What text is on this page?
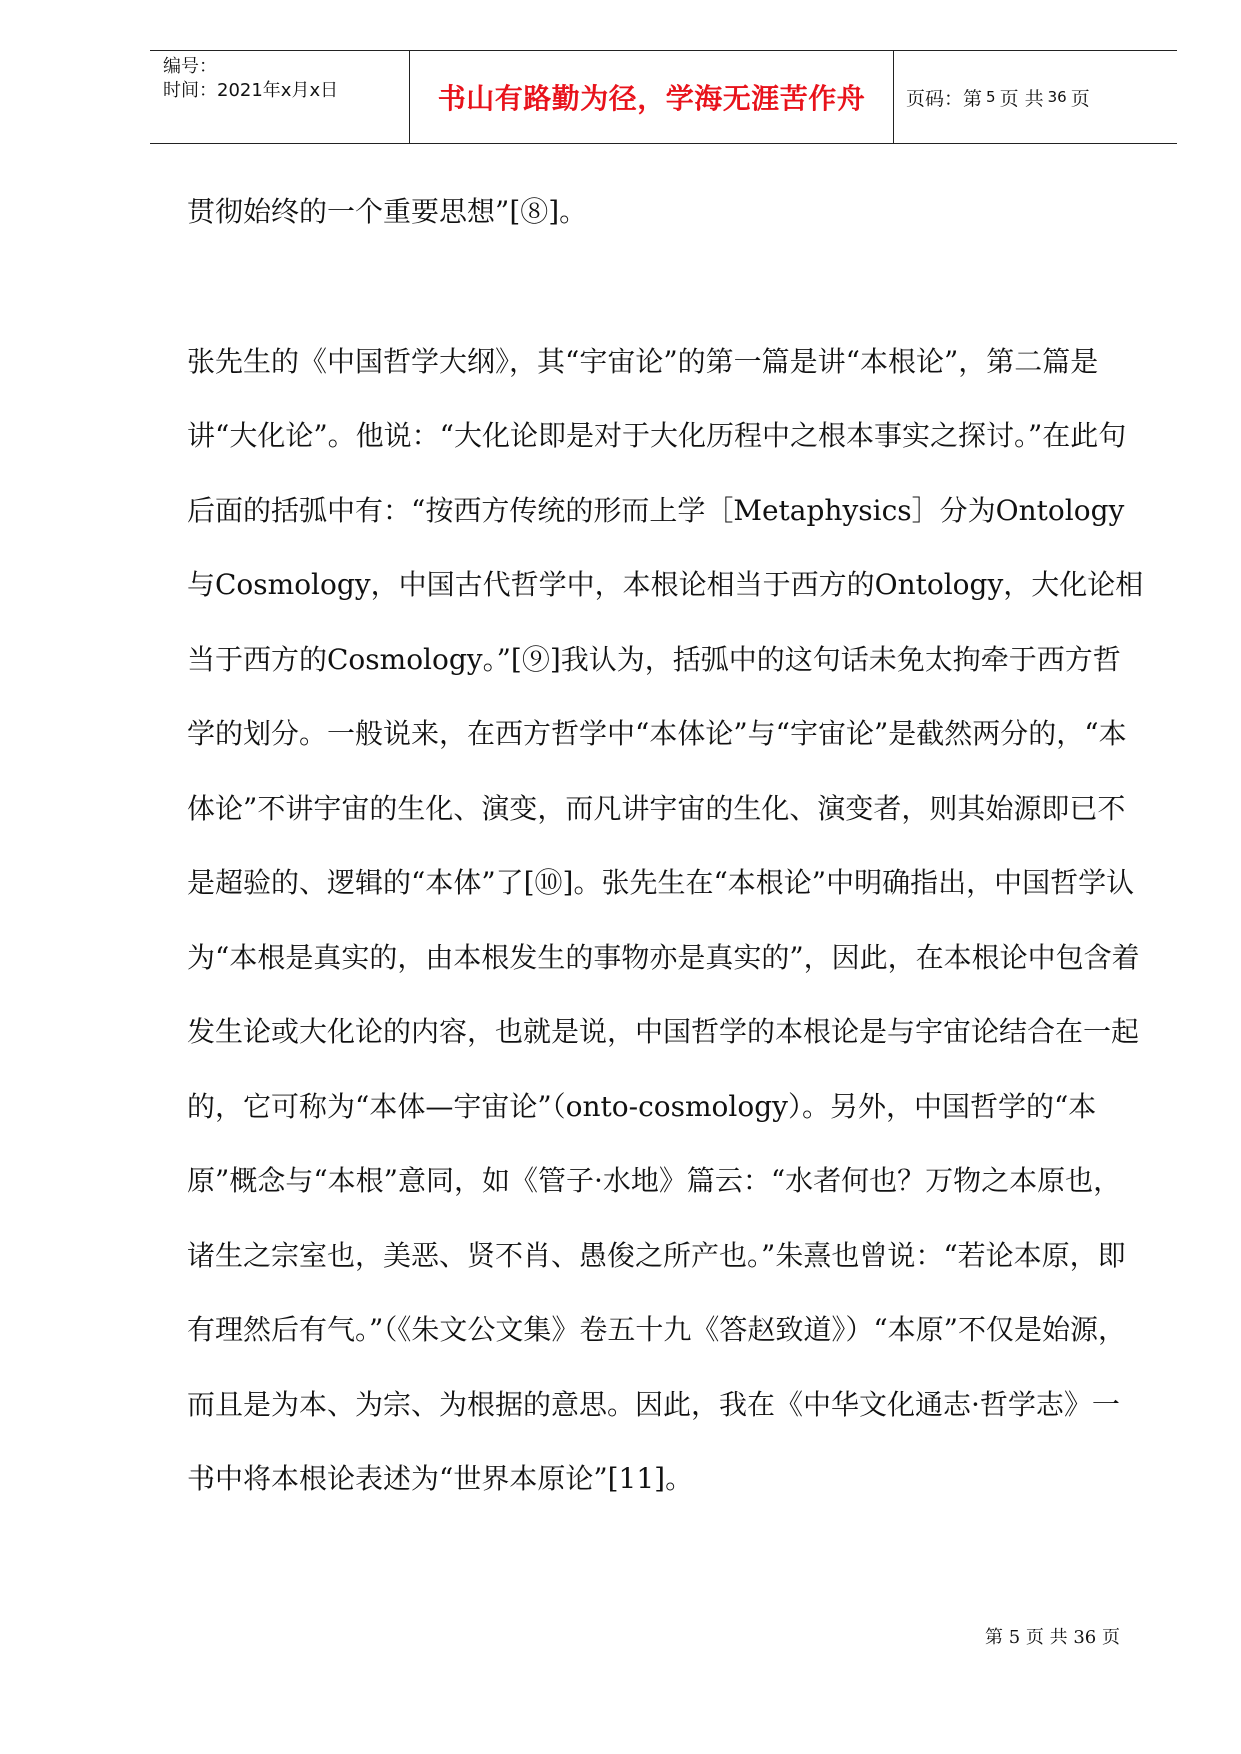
编号：
时间：2021年x月x日	书山有路勤为径，学海无涯苦作舟 页码：第 5 页 共 36 页

贯彻始终的一个重要思想”[⑧]。

张先生的《中国哲学大纲》，其“宇宙论”的第一篇是讲“本根论”，第二篇是讲“大化论”。他说：“大化论即是对于大化历程中之根本事实之探讨。”在此句后面的括弧中有：“按西方传统的形而上学［Metaphysics］分为Ontology与Cosmology，中国古代哲学中，本根论相当于西方的Ontology，大化论相当于西方的Cosmology。”[⑨]我认为，括弧中的这句话未免太拘牵于西方哲学的划分。一般说来，在西方哲学中“本体论”与“宇宙论”是截然两分的，“本体论”不讲宇宙的生化、演变，而凡讲宇宙的生化、演变者，则其始源即已不是超验的、逻辑的“本体”了[⑩]。张先生在“本根论”中明确指出，中国哲学认为“本根是真实的，由本根发生的事物亦是真实的”，因此，在本根论中包含着发生论或大化论的内容，也就是说，中国哲学的本根论是与宇宙论结合在一起的，它可称为“本体—宇宙论”（onto-cosmology）。另外，中国哲学的“本原”概念与“本根”意同，如《管子·水地》篇云：“水者何也？万物之本原也，诸生之宗室也，美恶、贤不肖、愚俊之所产也。”朱熹也曾说：“若论本原，即有理然后有气。”（《朱文公文集》卷五十九《答赵致道》）“本原”不仅是始源，而且是为本、为宗、为根据的意思。因此，我在《中华文化通志·哲学志》一书中将本根论表述为“世界本原论”[11]。

第 5 页 共 36 页
